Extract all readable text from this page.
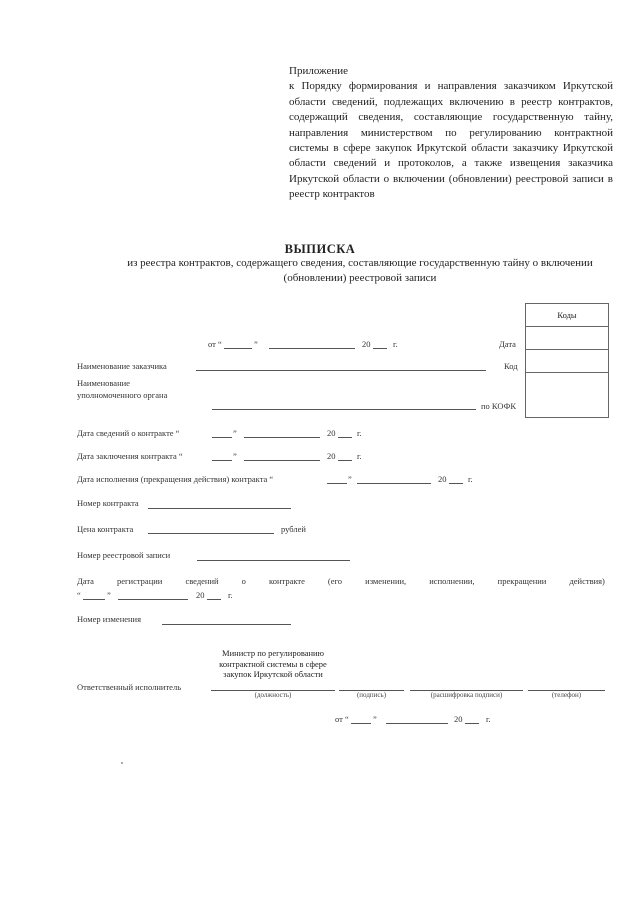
Приложение

к Порядку формирования и направления заказчиком Иркутской области сведений, подлежащих включению в реестр контрактов, содержащий сведения, составляющие государственную тайну, направления министерством по регулированию контрактной системы в сфере закупок Иркутской области заказчику Иркутской области сведений и протоколов, а также извещения заказчика Иркутской области о включении (обновлении) реестровой записи в реестр контрактов

ВЫПИСКА
из реестра контрактов, содержащего сведения, составляющие государственную тайну о включении (обновлении) реестровой записи
Коды
от “	”	20	г.	Дата
Наименование заказчика	Код
Наименование
уполномоченного органа
по КОФК
Дата сведений о контракте “	”	20	г.
Дата заключения контракта “	”	20	г.
Дата исполнения (прекращения действия) контракта “	”	20	г.
Номер контракта
Цена контракта	рублей
Номер реестровой записи
Дата	регистрации	сведений	о	контракте	(его	изменении,	исполнении,	прекращении	действия)
“	”	20	г.
Номер изменения
Министр по регулированию контрактной системы в сфере закупок Иркутской области
Ответственный исполнитель
(должность)	(подпись)	(расшифровка подписи)	(телефон)
от “	”	20	г.
